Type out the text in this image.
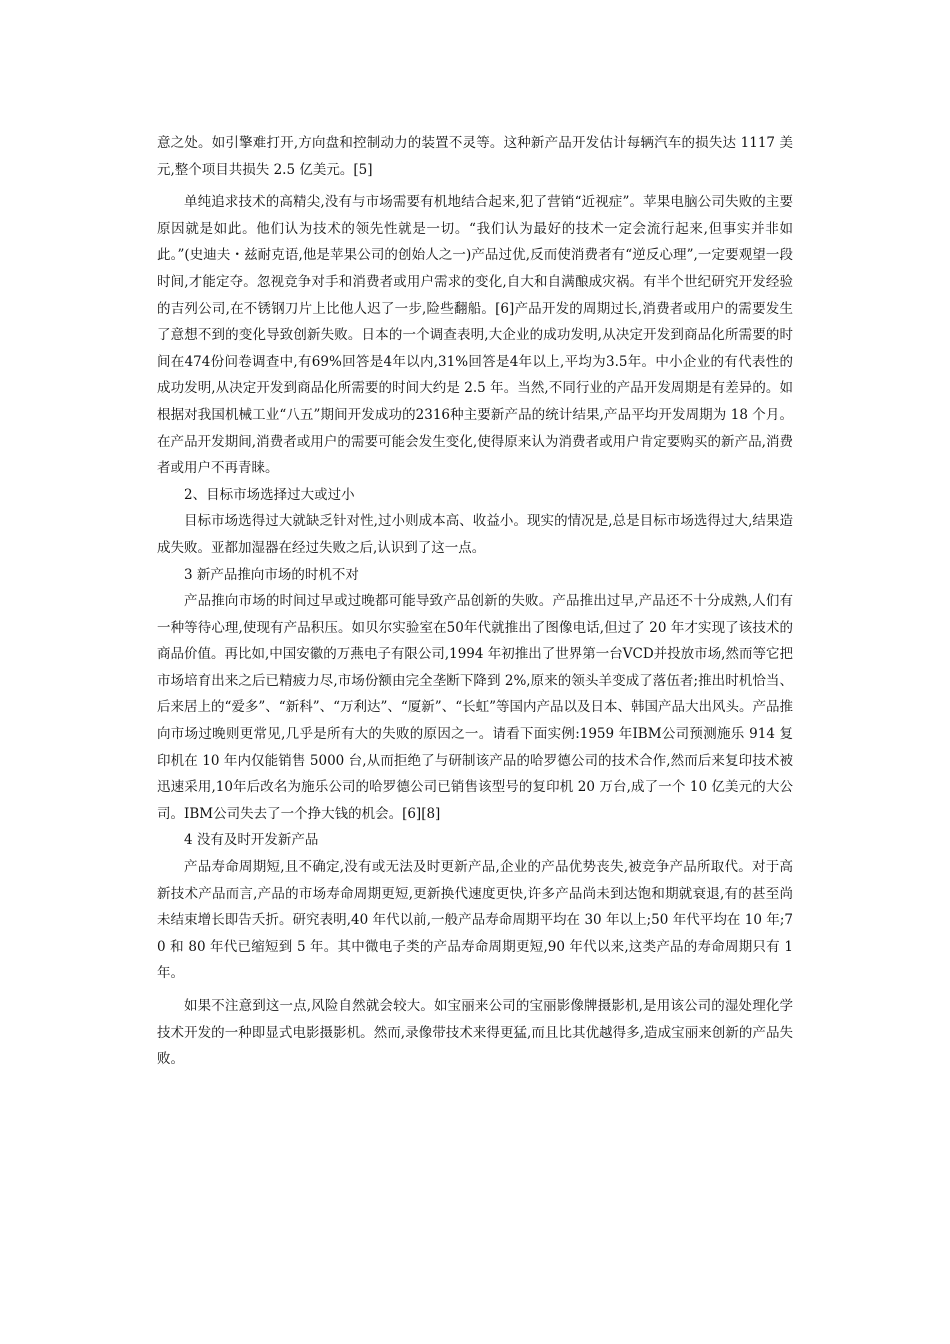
意之处。如引擎难打开,方向盘和控制动力的装置不灵等。这种新产品开发估计每辆汽车的损失达 1117 美元,整个项目共损失 2.5 亿美元。[5]

单纯追求技术的高精尖,没有与市场需要有机地结合起来,犯了营销“近视症”。苹果电脑公司失败的主要原因就是如此。他们认为技术的领先性就是一切。“我们认为最好的技术一定会流行起来,但事实并非如此。”(史迪夫・兹耐克语,他是苹果公司的创始人之一)产品过优,反而使消费者有“逆反心理”,一定要观望一段时间,才能定夺。忽视竞争对手和消费者或用户需求的变化,自大和自满酿成灾祸。有半个世纪研究开发经验的吉列公司,在不锈钢刀片上比他人迟了一步,险些翻船。[6]产品开发的周期过长,消费者或用户的需要发生了意想不到的变化导致创新失败。日本的一个调查表明,大企业的成功发明,从决定开发到商品化所需要的时间在474份问卷调查中,有69%回答是4年以内,31%回答是4年以上,平均为3.5年。中小企业的有代表性的成功发明,从决定开发到商品化所需要的时间大约是 2.5 年。当然,不同行业的产品开发周期是有差异的。如根据对我国机械工业“八五”期间开发成功的2316种主要新产品的统计结果,产品平均开发周期为 18 个月。在产品开发期间,消费者或用户的需要可能会发生变化,使得原来认为消费者或用户肯定要购买的新产品,消费者或用户不再青睐。

2、目标市场选择过大或过小

目标市场选得过大就缺乏针对性,过小则成本高、收益小。现实的情况是,总是目标市场选得过大,结果造成失败。亚都加湿器在经过失败之后,认识到了这一点。

3 新产品推向市场的时机不对

产品推向市场的时间过早或过晚都可能导致产品创新的失败。产品推出过早,产品还不十分成熟,人们有一种等待心理,使现有产品积压。如贝尔实验室在50年代就推出了图像电话,但过了 20 年才实现了该技术的商品价值。再比如,中国安徽的万燕电子有限公司,1994 年初推出了世界第一台VCD并投放市场,然而等它把市场培育出来之后已精疲力尽,市场份额由完全垄断下降到 2%,原来的领头羊变成了落伍者;推出时机恰当、后来居上的“爱多”、“新科”、“万利达”、“厦新”、“长虹”等国内产品以及日本、韩国产品大出风头。产品推向市场过晚则更常见,几乎是所有大的失败的原因之一。请看下面实例:1959 年IBM公司预测施乐 914 复印机在 10 年内仅能销售 5000 台,从而拒绝了与研制该产品的哈罗德公司的技术合作,然而后来复印技术被迅速采用,10年后改名为施乐公司的哈罗德公司已销售该型号的复印机 20 万台,成了一个 10 亿美元的大公司。IBM公司失去了一个挣大钱的机会。[6][8]

4 没有及时开发新产品

产品寿命周期短,且不确定,没有或无法及时更新产品,企业的产品优势丧失,被竞争产品所取代。对于高新技术产品而言,产品的市场寿命周期更短,更新换代速度更快,许多产品尚未到达饱和期就衰退,有的甚至尚未结束增长即告夭折。研究表明,40 年代以前,一般产品寿命周期平均在 30 年以上;50 年代平均在 10 年;70 和 80 年代已缩短到 5 年。其中微电子类的产品寿命周期更短,90 年代以来,这类产品的寿命周期只有 1 年。

如果不注意到这一点,风险自然就会较大。如宝丽来公司的宝丽影像牌摄影机,是用该公司的湿处理化学技术开发的一种即显式电影摄影机。然而,录像带技术来得更猛,而且比其优越得多,造成宝丽来创新的产品失败。
